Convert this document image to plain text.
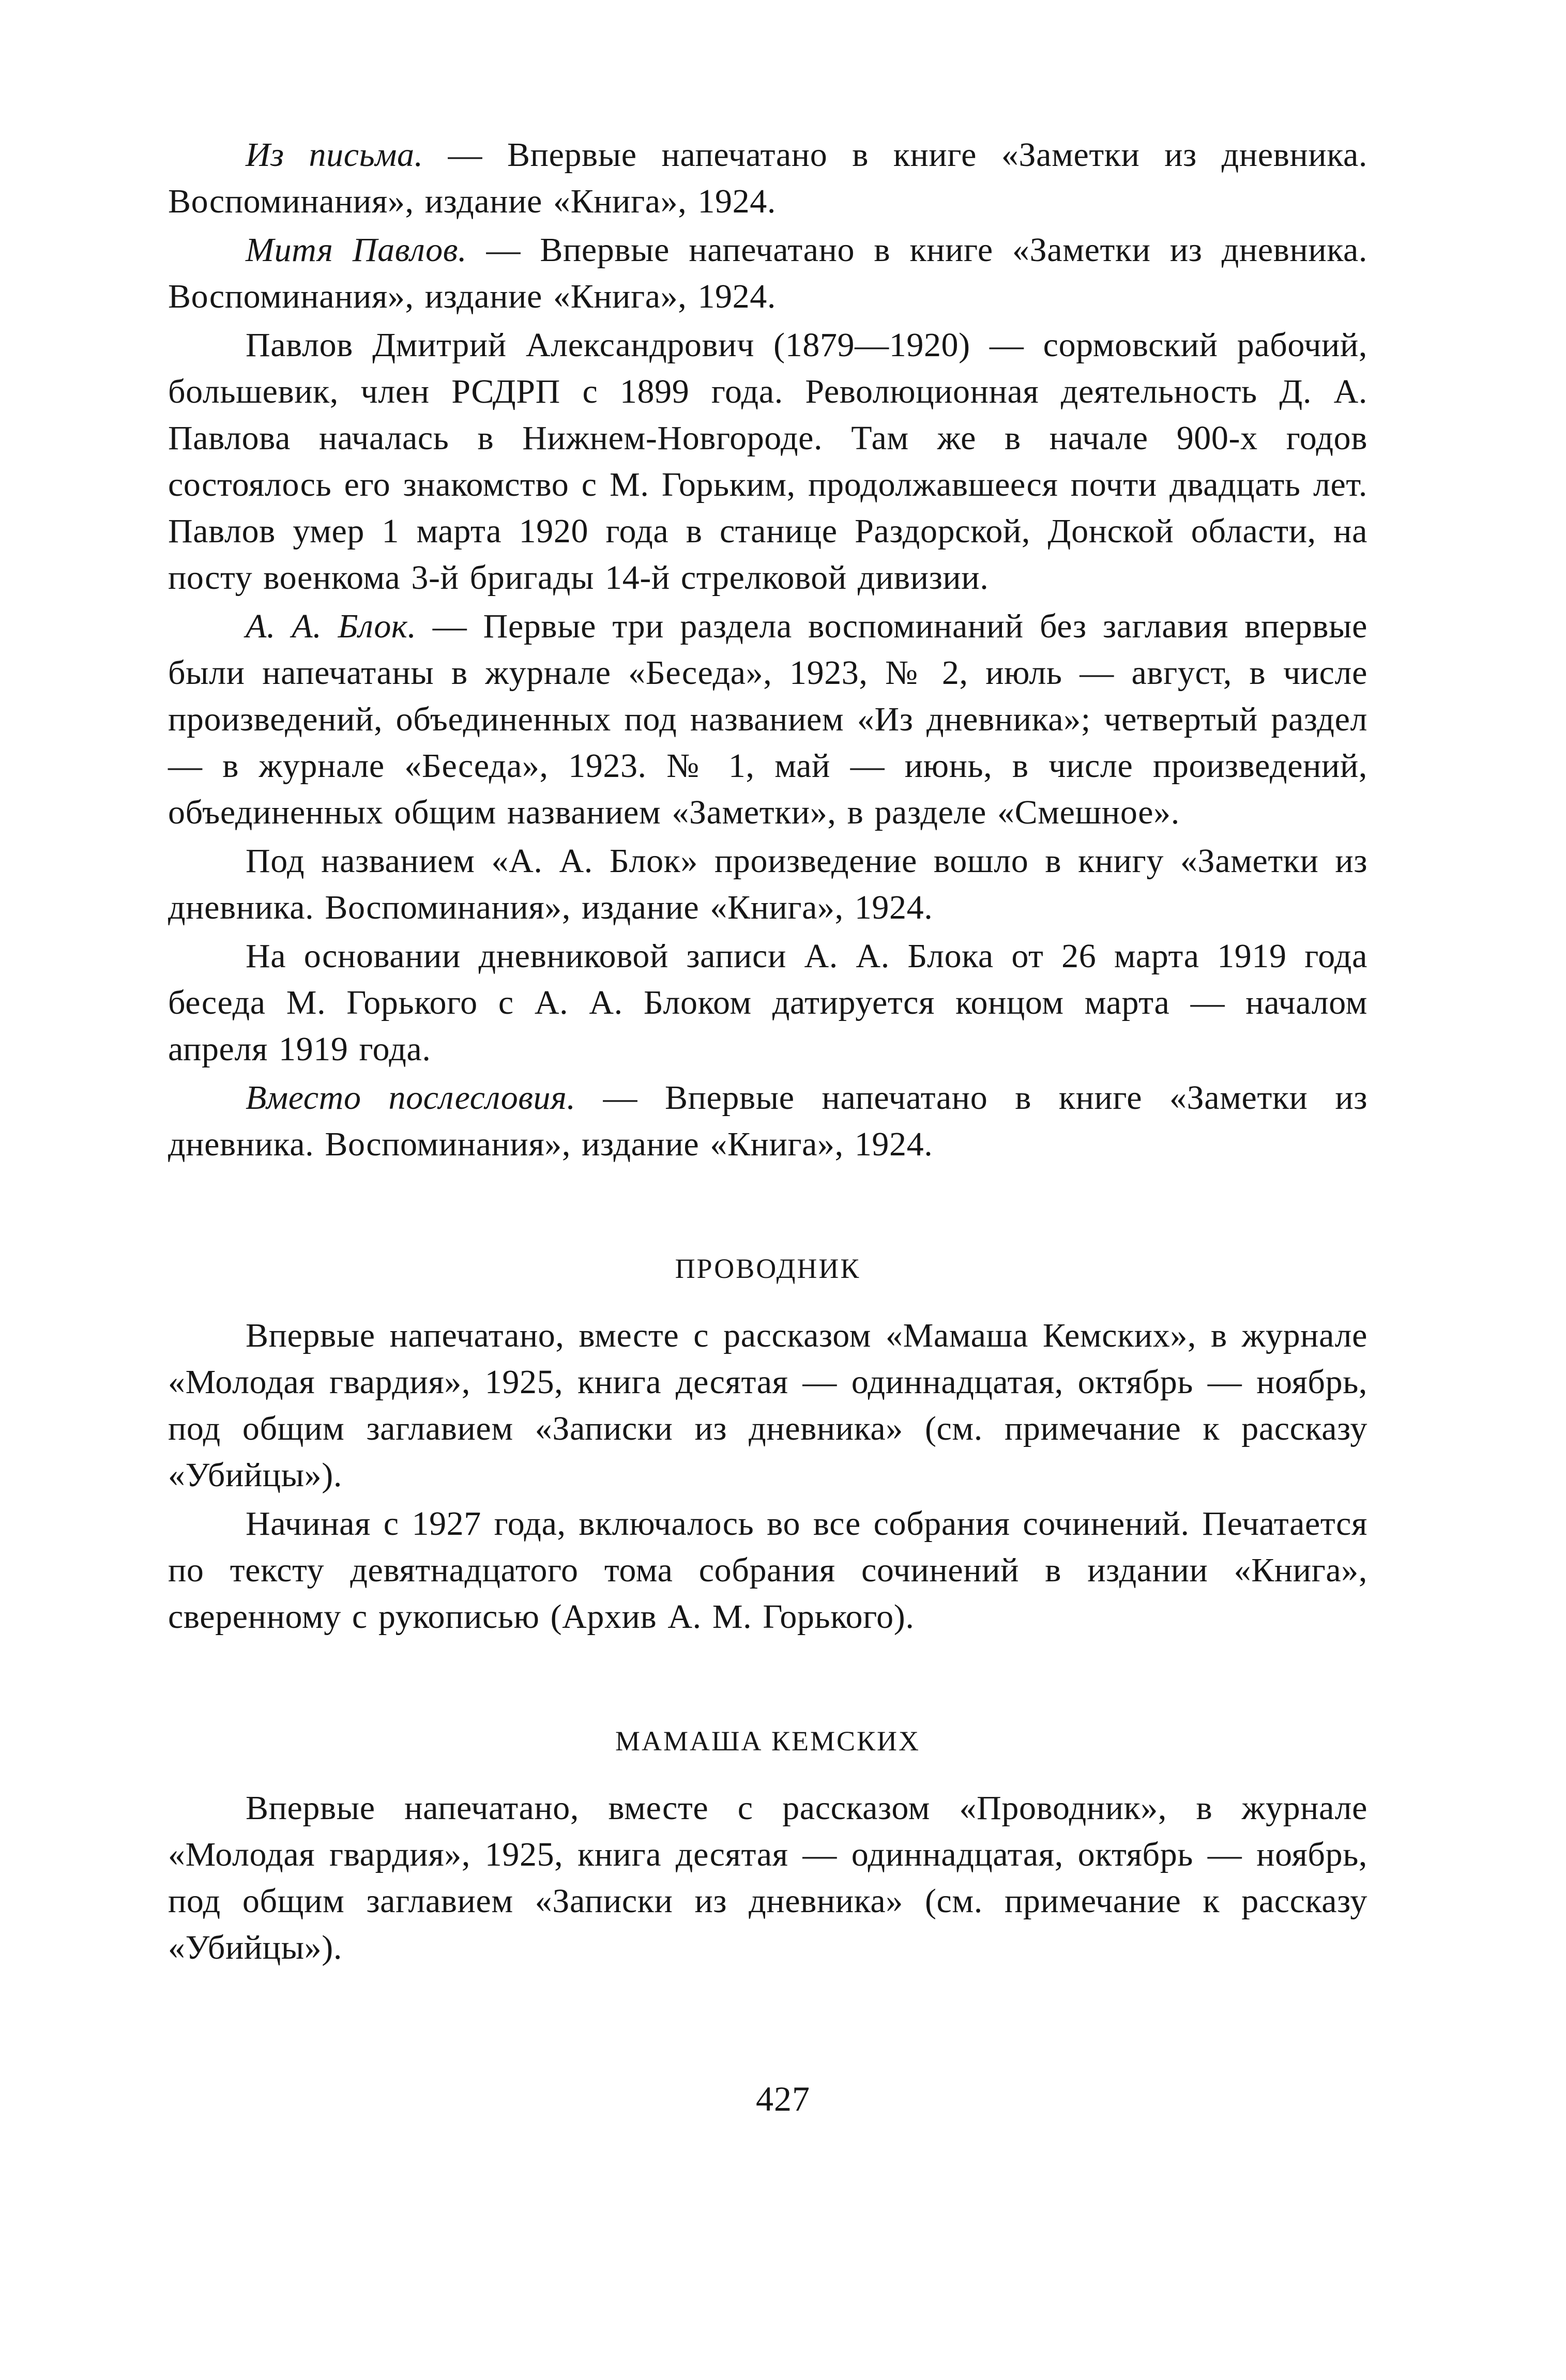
Из письма. — Впервые напечатано в книге «Заметки из дневника. Воспоминания», издание «Книга», 1924.

Митя Павлов. — Впервые напечатано в книге «Заметки из дневника. Воспоминания», издание «Книга», 1924.

Павлов Дмитрий Александрович (1879—1920) — сормовский рабочий, большевик, член РСДРП с 1899 года. Революционная деятельность Д. А. Павлова началась в Нижнем-Новгороде. Там же в начале 900-х годов состоялось его знакомство с М. Горьким, продолжавшееся почти двадцать лет. Павлов умер 1 марта 1920 года в станице Раздорской, Донской области, на посту военкома 3-й бригады 14-й стрелковой дивизии.

А. А. Блок. — Первые три раздела воспоминаний без заглавия впервые были напечатаны в журнале «Беседа», 1923, № 2, июль — август, в числе произведений, объединенных под названием «Из дневника»; четвертый раздел — в журнале «Беседа», 1923. № 1, май — июнь, в числе произведений, объединенных общим названием «Заметки», в разделе «Смешное».

Под названием «А. А. Блок» произведение вошло в книгу «Заметки из дневника. Воспоминания», издание «Книга», 1924.

На основании дневниковой записи А. А. Блока от 26 марта 1919 года беседа М. Горького с А. А. Блоком датируется концом марта — началом апреля 1919 года.

Вместо послесловия. — Впервые напечатано в книге «Заметки из дневника. Воспоминания», издание «Книга», 1924.

ПРОВОДНИК

Впервые напечатано, вместе с рассказом «Мамаша Кемских», в журнале «Молодая гвардия», 1925, книга десятая — одиннадцатая, октябрь — ноябрь, под общим заглавием «Записки из дневника» (см. примечание к рассказу «Убийцы»).

Начиная с 1927 года, включалось во все собрания сочинений. Печатается по тексту девятнадцатого тома собрания сочинений в издании «Книга», сверенному с рукописью (Архив А. М. Горького).

МАМАША КЕМСКИХ

Впервые напечатано, вместе с рассказом «Проводник», в журнале «Молодая гвардия», 1925, книга десятая — одиннадцатая, октябрь — ноябрь, под общим заглавием «Записки из дневника» (см. примечание к рассказу «Убийцы»).

427
